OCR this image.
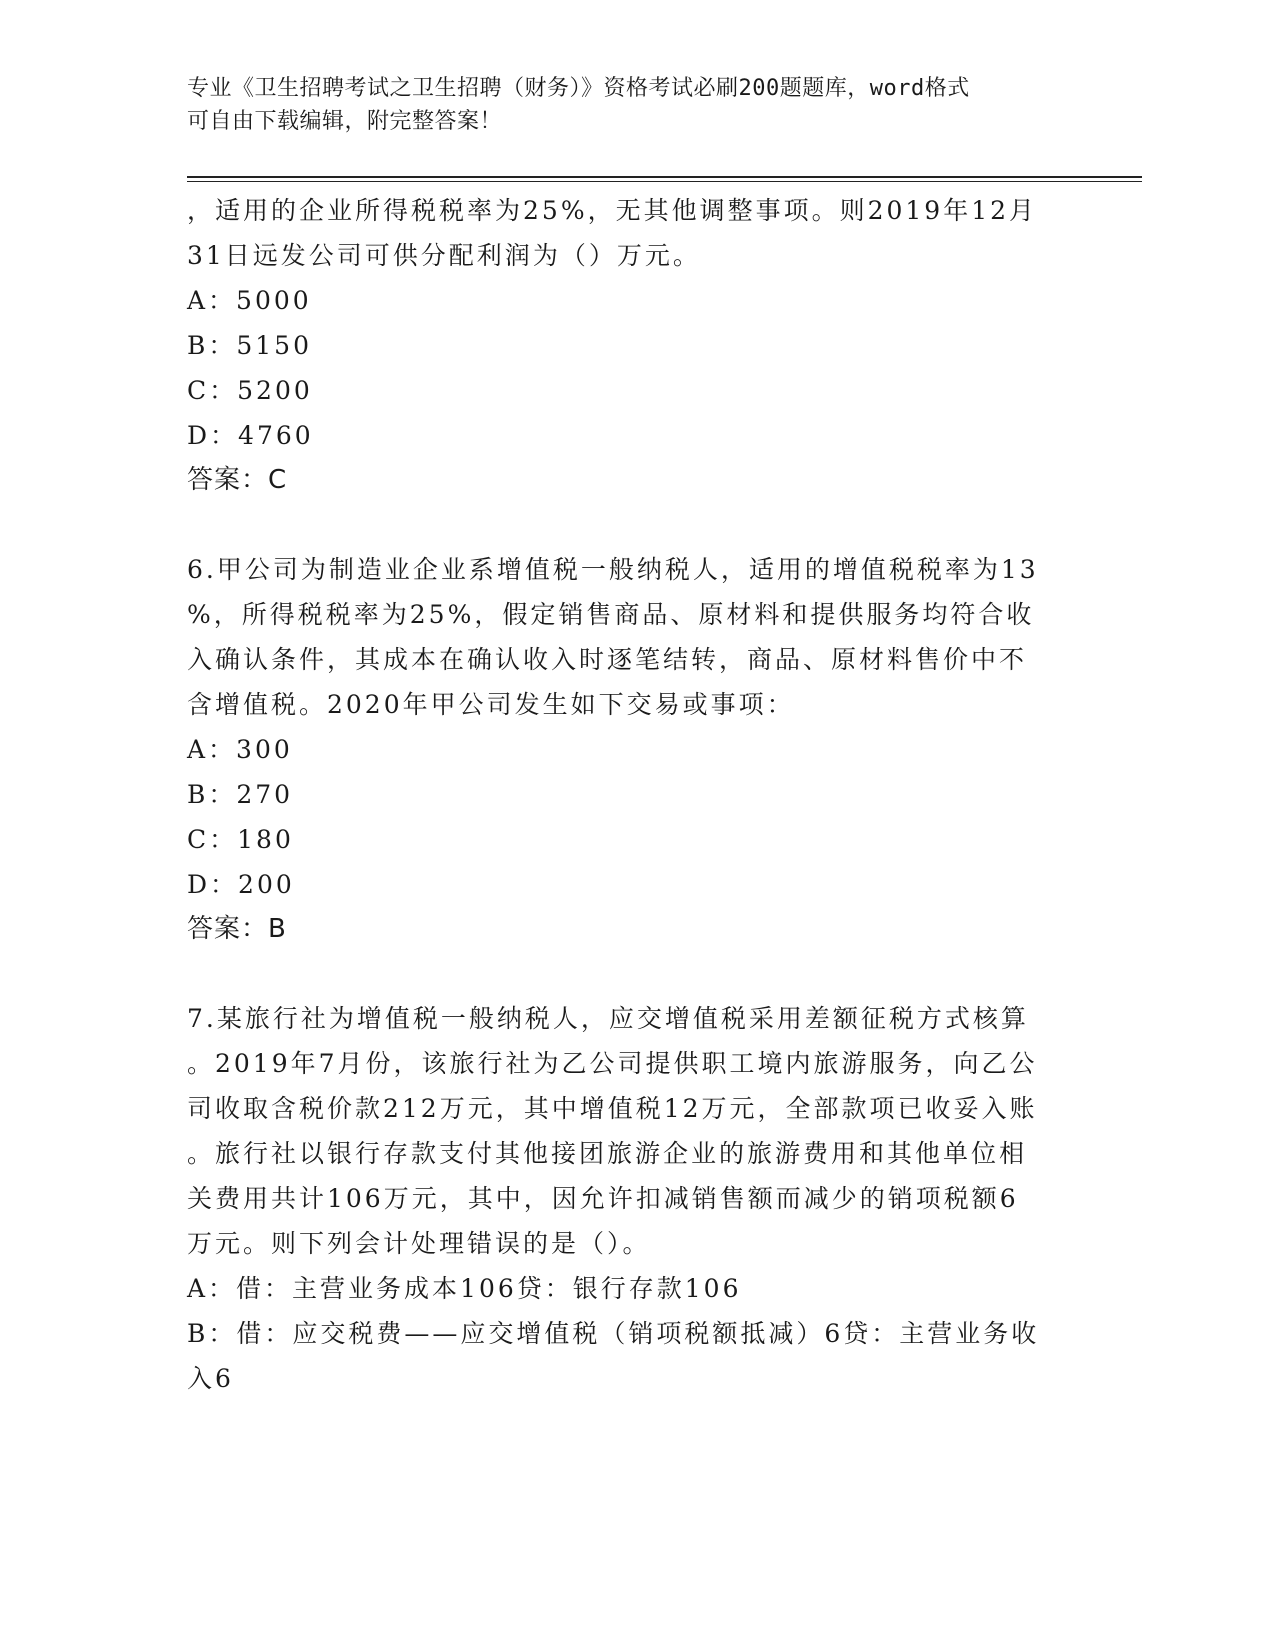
专业《卫生招聘考试之卫生招聘（财务）》资格考试必刷200题题库，word格式
可自由下载编辑，附完整答案！

，适用的企业所得税税率为25%，无其他调整事项。则2019年12月

31日远发公司可供分配利润为（）万元。

A：5000

B：5150

C：5200

D：4760

答案：C

6.甲公司为制造业企业系增值税一般纳税人，适用的增值税税率为13

%，所得税税率为25%，假定销售商品、原材料和提供服务均符合收

入确认条件，其成本在确认收入时逐笔结转，商品、原材料售价中不

含增值税。2020年甲公司发生如下交易或事项：

A：300

B：270

C：180

D：200

答案：B

7.某旅行社为增值税一般纳税人，应交增值税采用差额征税方式核算

。2019年7月份，该旅行社为乙公司提供职工境内旅游服务，向乙公

司收取含税价款212万元，其中增值税12万元，全部款项已收妥入账

。旅行社以银行存款支付其他接团旅游企业的旅游费用和其他单位相

关费用共计106万元，其中，因允许扣减销售额而减少的销项税额6

万元。则下列会计处理错误的是（）。

A：借：主营业务成本106贷：银行存款106

B：借：应交税费——应交增值税（销项税额抵减）6贷：主营业务收

入6
